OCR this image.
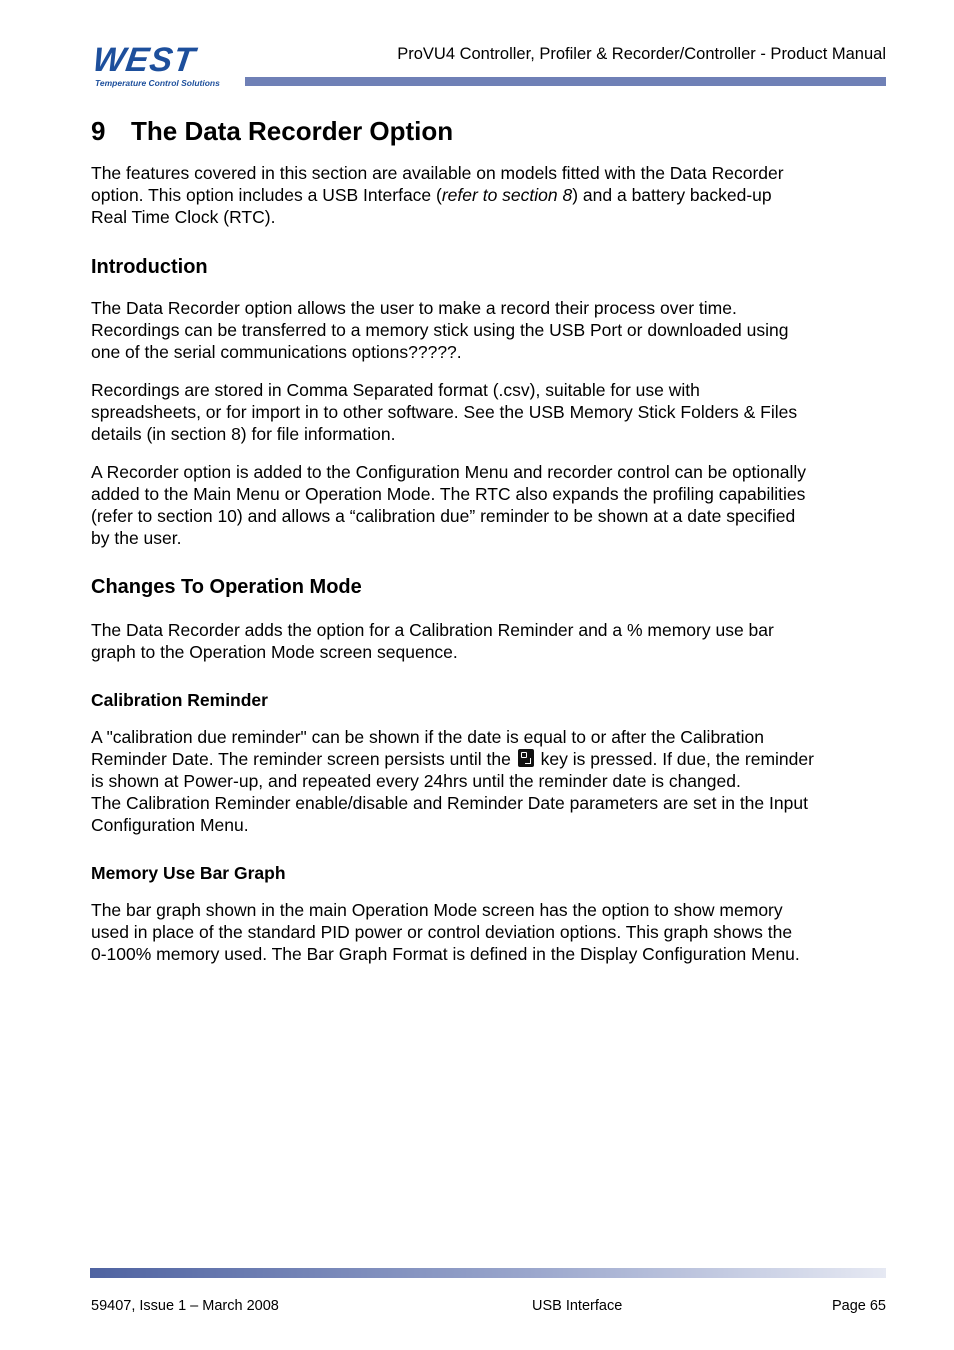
WEST
Temperature Control Solutions
ProVU4 Controller, Profiler & Recorder/Controller - Product Manual
9 The Data Recorder Option

The features covered in this section are available on models fitted with the Data Recorder
option. This option includes a USB Interface (refer to section 8) and a battery backed-up
Real Time Clock (RTC).

Introduction

The Data Recorder option allows the user to make a record their process over time.
Recordings can be transferred to a memory stick using the USB Port or downloaded using
one of the serial communications options?????.

Recordings are stored in Comma Separated format (.csv), suitable for use with
spreadsheets, or for import in to other software. See the USB Memory Stick Folders & Files
details (in section 8) for file information.

A Recorder option is added to the Configuration Menu and recorder control can be optionally
added to the Main Menu or Operation Mode. The RTC also expands the profiling capabilities
(refer to section 10) and allows a “calibration due” reminder to be shown at a date specified
by the user.

Changes To Operation Mode

The Data Recorder adds the option for a Calibration Reminder and a % memory use bar
graph to the Operation Mode screen sequence.

Calibration Reminder

A "calibration due reminder" can be shown if the date is equal to or after the Calibration
Reminder Date. The reminder screen persists until the key is pressed. If due, the reminder
is shown at Power-up, and repeated every 24hrs until the reminder date is changed.
The Calibration Reminder enable/disable and Reminder Date parameters are set in the Input
Configuration Menu.

Memory Use Bar Graph

The bar graph shown in the main Operation Mode screen has the option to show memory
used in place of the standard PID power or control deviation options. This graph shows the
0-100% memory used. The Bar Graph Format is defined in the Display Configuration Menu.

59407, Issue 1 – March 2008	USB Interface	Page 65
